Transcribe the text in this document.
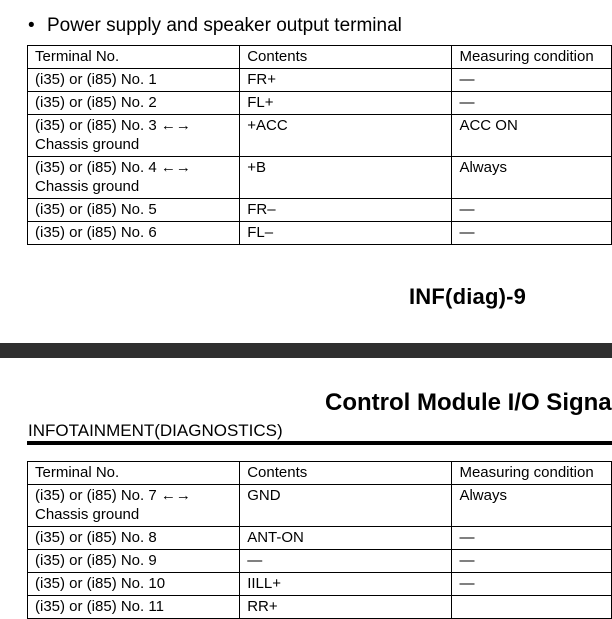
• Power supply and speaker output terminal
Terminal No.	Contents	Measuring condition

(i35) or (i85) No. 1	FR+	—

(i35) or (i85) No. 2	FL+	—

(i35) or (i85) No. 3 ←→
Chassis ground	+ACC	ACC ON

(i35) or (i85) No. 4 ←→
Chassis ground	+B	Always

(i35) or (i85) No. 5	FR–	—

(i35) or (i85) No. 6	FL–	—
INF(diag)-9
Control Module I/O Signa
INFOTAINMENT(DIAGNOSTICS)
Terminal No.	Contents	Measuring condition

(i35) or (i85) No. 7 ←→
Chassis ground	GND	Always

(i35) or (i85) No. 8	ANT-ON	—

(i35) or (i85) No. 9	—	—

(i35) or (i85) No. 10	IILL+	—

(i35) or (i85) No. 11	RR+	
